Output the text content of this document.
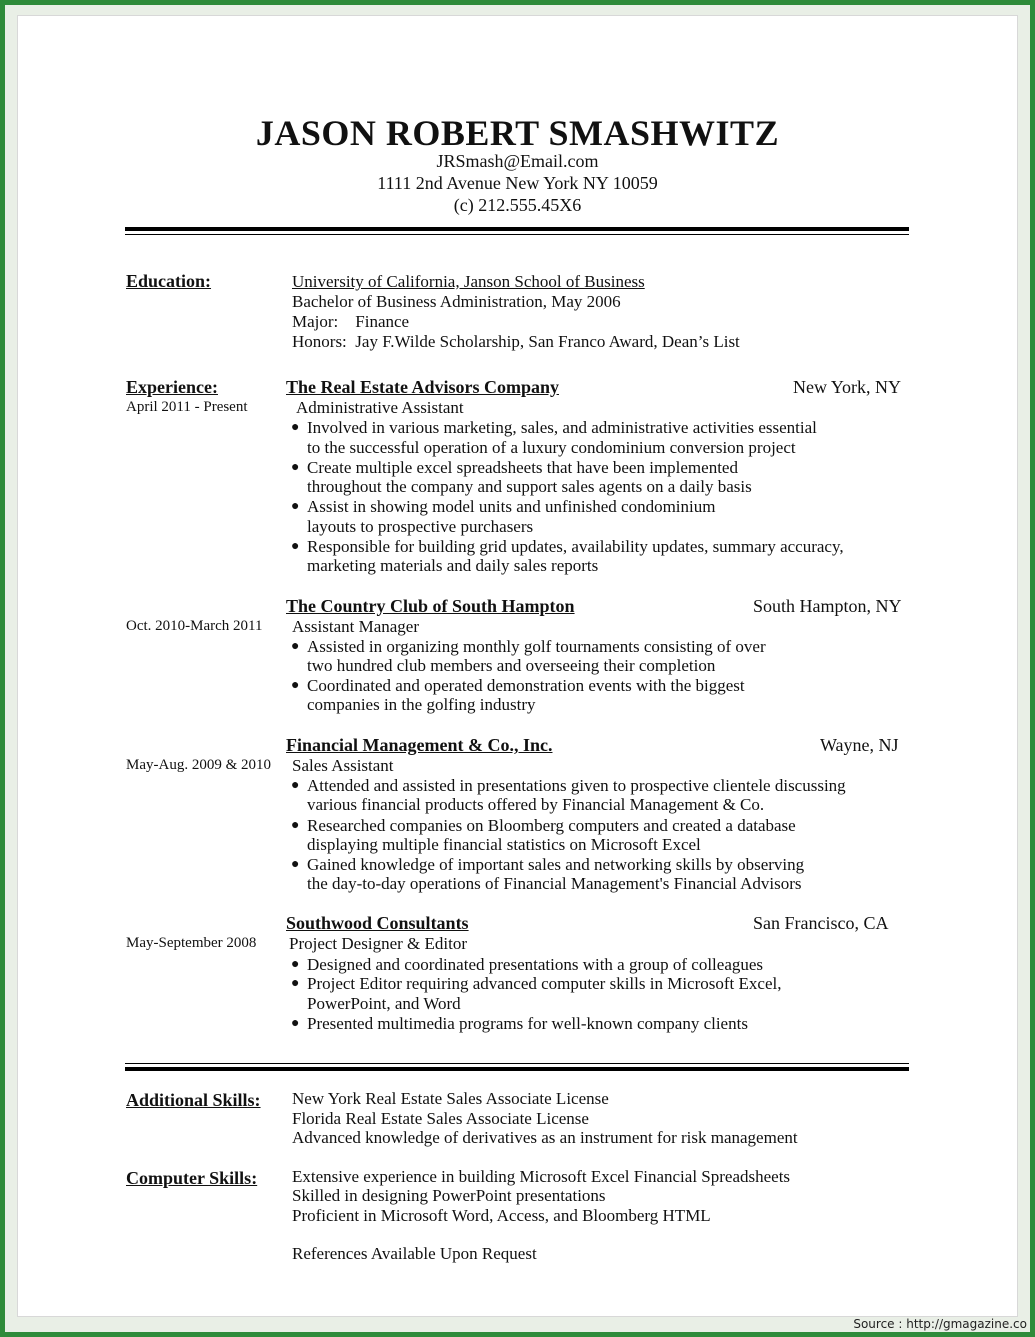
JASON ROBERT SMASHWITZ
JRSmash@Email.com
1111 2nd Avenue New York NY 10059
(c) 212.555.45X6
Education:	University of California, Janson School of Business
Bachelor of Business Administration, May 2006
Major:    Finance
Honors:  Jay F.Wilde Scholarship, San Franco Award, Dean’s List
Experience:	The Real Estate Advisors Company	New York, NY
April 2011 - Present	Administrative Assistant
● Involved in various marketing, sales, and administrative activities essential
to the successful operation of a luxury condominium conversion project
● Create multiple excel spreadsheets that have been implemented
throughout the company and support sales agents on a daily basis
● Assist in showing model units and unfinished condominium
layouts to prospective purchasers
● Responsible for building grid updates, availability updates, summary accuracy,
marketing materials and daily sales reports
The Country Club of South Hampton	South Hampton, NY
Oct. 2010-March 2011 Assistant Manager
● Assisted in organizing monthly golf tournaments consisting of over
two hundred club members and overseeing their completion
● Coordinated and operated demonstration events with the biggest
companies in the golfing industry
Financial Management & Co., Inc.	Wayne, NJ
May-Aug. 2009 & 2010 Sales Assistant
● Attended and assisted in presentations given to prospective clientele discussing
various financial products offered by Financial Management & Co.
● Researched companies on Bloomberg computers and created a database
displaying multiple financial statistics on Microsoft Excel
● Gained knowledge of important sales and networking skills by observing
the day-to-day operations of Financial Management's Financial Advisors
Southwood Consultants	San Francisco, CA
May-September 2008 Project Designer & Editor
● Designed and coordinated presentations with a group of colleagues
● Project Editor requiring advanced computer skills in Microsoft Excel,
PowerPoint, and Word
● Presented multimedia programs for well-known company clients
Additional Skills: New York Real Estate Sales Associate License
Florida Real Estate Sales Associate License
Advanced knowledge of derivatives as an instrument for risk management
Computer Skills: Extensive experience in building Microsoft Excel Financial Spreadsheets
Skilled in designing PowerPoint presentations
Proficient in Microsoft Word, Access, and Bloomberg HTML
References Available Upon Request
Source : http://gmagazine.co
